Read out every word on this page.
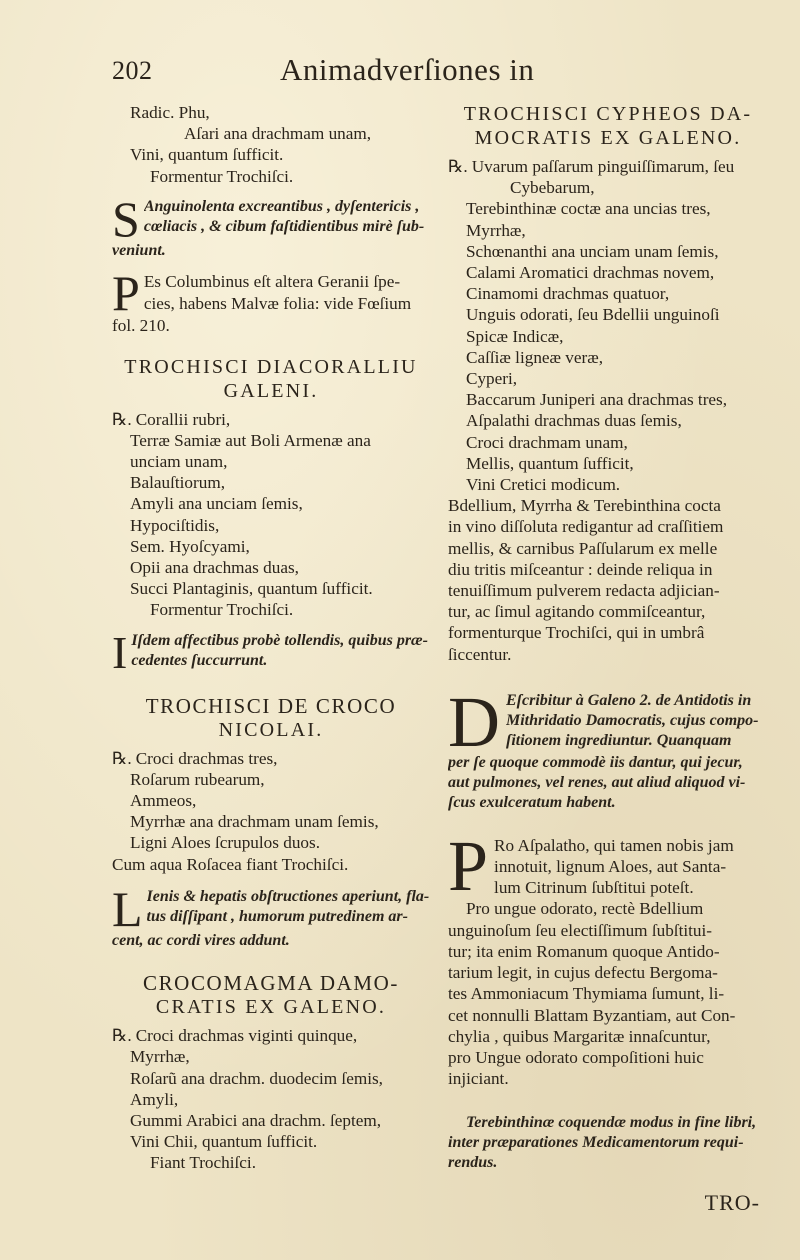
202	Animadverſiones in
Radic. Phu,
Aſari ana drachmam unam,
Vini, quantum ſufficit.
Formentur Trochiſci.
S Anguinolenta excreantibus , dyſentericis ,
cœliacis , & cibum faſtidientibus mirè ſub-
veniunt.
P Es Columbinus eſt altera Geranii ſpe-
cies, habens Malvæ folia: vide Fœſium
fol. 210.
TROCHISCI DIACORALLIU
GALENI.
℞. Corallii rubri,
Terræ Samiæ aut Boli Armenæ ana
unciam unam,
Balauſtiorum,
Amyli ana unciam ſemis,
Hypociſtidis,
Sem. Hyoſcyami,
Opii ana drachmas duas,
Succi Plantaginis, quantum ſufficit.
Formentur Trochiſci.
I Iſdem affectibus probè tollendis, quibus præ-
cedentes ſuccurrunt.
TROCHISCI DE CROCO
NICOLAI.
℞. Croci drachmas tres,
Roſarum rubearum,
Ammeos,
Myrrhæ ana drachmam unam ſemis,
Ligni Aloes ſcrupulos duos.
Cum aqua Roſacea fiant Trochiſci.
L Ienis & hepatis obſtructiones aperiunt, fla-
tus diſſipant , humorum putredinem ar-
cent, ac cordi vires addunt.
CROCOMAGMA DAMO-
CRATIS EX GALENO.
℞. Croci drachmas viginti quinque,
Myrrhæ,
Roſarũ ana drachm. duodecim ſemis,
Amyli,
Gummi Arabici ana drachm. ſeptem,
Vini Chii, quantum ſufficit.
Fiant Trochiſci.
TROCHISCI CYPHEOS DA-
MOCRATIS EX GALENO.
℞. Uvarum paſſarum pinguiſſimarum, ſeu
Cybebarum,
Terebinthinæ coctæ ana uncias tres,
Myrrhæ,
Schœnanthi ana unciam unam ſemis,
Calami Aromatici drachmas novem,
Cinamomi drachmas quatuor,
Unguis odorati, ſeu Bdellii unguinoſi
Spicæ Indicæ,
Caſſiæ ligneæ veræ,
Cyperi,
Baccarum Juniperi ana drachmas tres,
Aſpalathi drachmas duas ſemis,
Croci drachmam unam,
Mellis, quantum ſufficit,
Vini Cretici modicum.
Bdellium, Myrrha & Terebinthina cocta
in vino diſſoluta redigantur ad craſſitiem
mellis, & carnibus Paſſularum ex melle
diu tritis miſceantur : deinde reliqua in
tenuiſſimum pulverem redacta adjician-
tur, ac ſimul agitando commiſceantur,
formenturque Trochiſci, qui in umbrâ
ſiccentur.
D Eſcribitur à Galeno 2. de Antidotis in
Mithridatio Damocratis, cujus compo-
ſitionem ingrediuntur. Quanquam
per ſe quoque commodè iis dantur, qui jecur,
aut pulmones, vel renes, aut aliud aliquod vi-
ſcus exulceratum habent.
P Ro Aſpalatho, qui tamen nobis jam
innotuit, lignum Aloes, aut Santa-
lum Citrinum ſubſtitui poteſt.
Pro ungue odorato, rectè Bdellium
unguinoſum ſeu electiſſimum ſubſtitui-
tur; ita enim Romanum quoque Antido-
tarium legit, in cujus defectu Bergoma-
tes Ammoniacum Thymiama ſumunt, li-
cet nonnulli Blattam Byzantiam, aut Con-
chylia , quibus Margaritæ innaſcuntur,
pro Ungue odorato compoſitioni huic
injiciant.
Terebinthinæ coquendæ modus in fine libri,
inter præparationes Medicamentorum requi-
rendus.
TRO-
